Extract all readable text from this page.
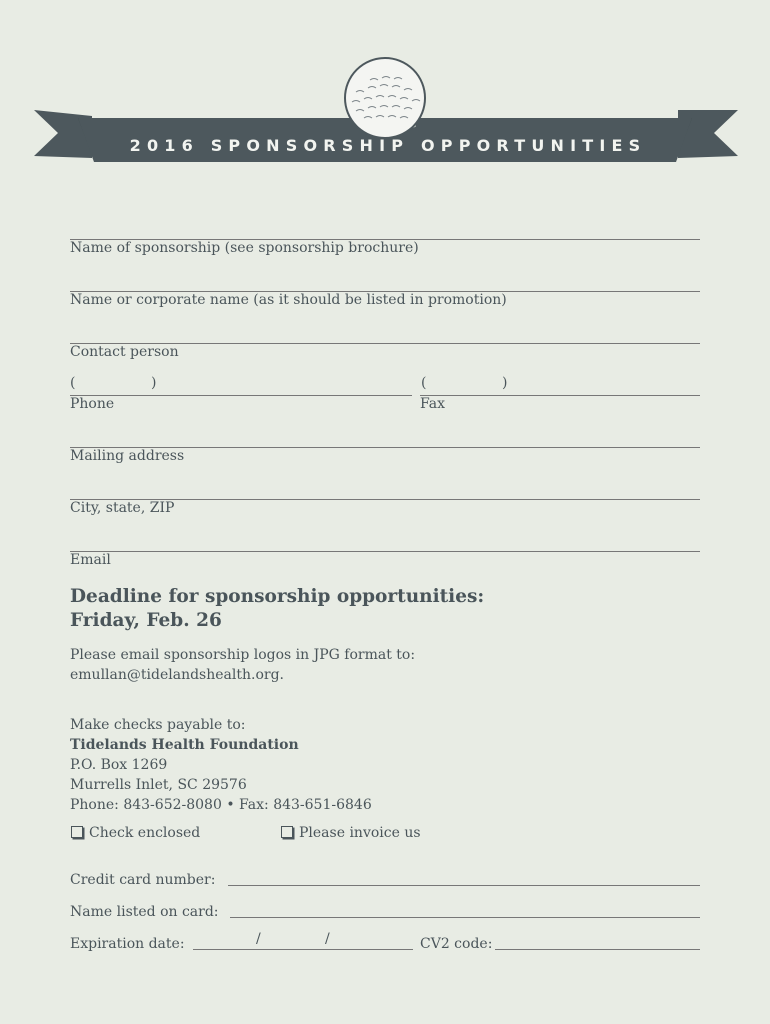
2016 SPONSORSHIP OPPORTUNITIES
Name of sponsorship (see sponsorship brochure)
Name or corporate name (as it should be listed in promotion)
Contact person
(	)
Phone
(	)
Fax
Mailing address
City, state, ZIP
Email
Deadline for sponsorship opportunities:
Friday, Feb. 26
Please email sponsorship logos in JPG format to:
emullan@tidelandshealth.org.
Make checks payable to:
Tidelands Health Foundation
P.O. Box 1269
Murrells Inlet, SC 29576
Phone: 843-652-8080 • Fax: 843-651-6846
Check enclosed	Please invoice us
Credit card number:
Name listed on card:
Expiration date:	/	/	CV2 code:
